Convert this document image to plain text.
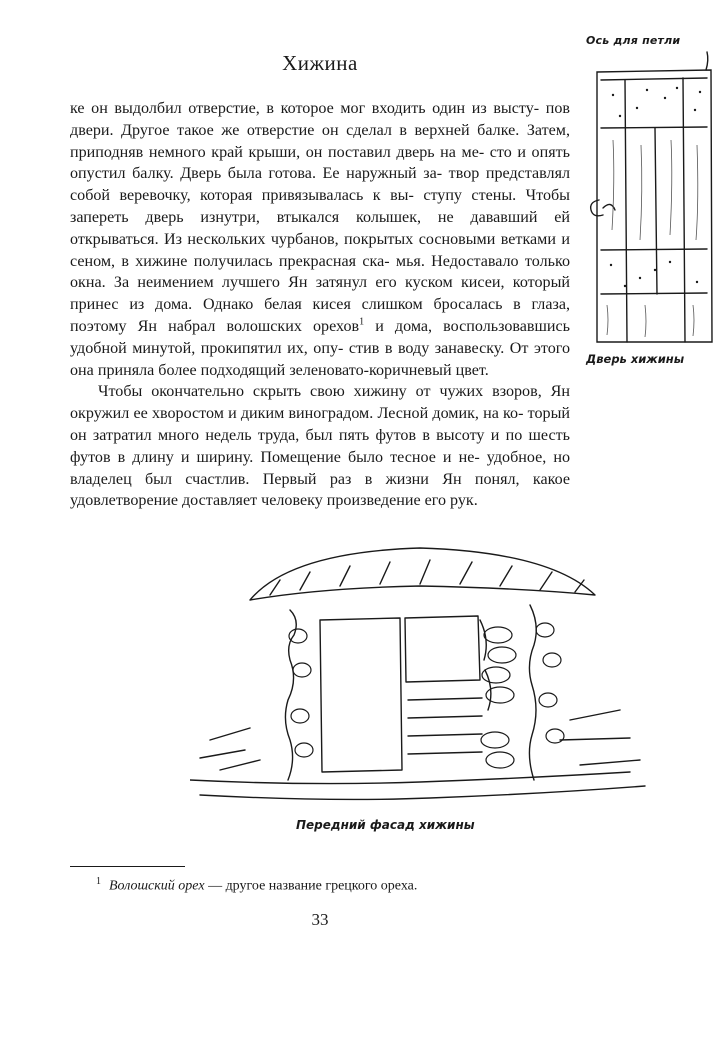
Хижина

ке он выдолбил отверстие, в которое мог входить один из высту- пов двери. Другое такое же отверстие он сделал в верхней балке. Затем, приподняв немного край крыши, он поставил дверь на ме- сто и опять опустил балку. Дверь была готова. Ее наружный за- твор представлял собой веревочку, которая привязывалась к вы- ступу стены. Чтобы запереть дверь изнутри, втыкался колышек, не дававший ей открываться. Из нескольких чурбанов, покрытых сосновыми ветками и сеном, в хижине получилась прекрасная ска- мья. Недоставало только окна. За неимением лучшего Ян затянул его куском кисеи, который принес из дома. Однако белая кисея слишком бросалась в глаза, поэтому Ян набрал волошских орехов$^1$ и дома, воспользовавшись удобной минутой, прокипятил их, опу- стив в воду занавеску. От этого она приняла более подходящий зеленовато-коричневый цвет.

Чтобы окончательно скрыть свою хижину от чужих взоров, Ян окружил ее хворостом и диким виноградом. Лесной домик, на ко- торый он затратил много недель труда, был пять футов в высоту и по шесть футов в длину и ширину. Помещение было тесное и не- удобное, но владелец был счастлив. Первый раз в жизни Ян понял, какое удовлетворение доставляет человеку произведение его рук.

Ось для петли
Дверь хижины
Передний фасад хижины
$^1$ Волошский орех — другое название грецкого ореха.
33
